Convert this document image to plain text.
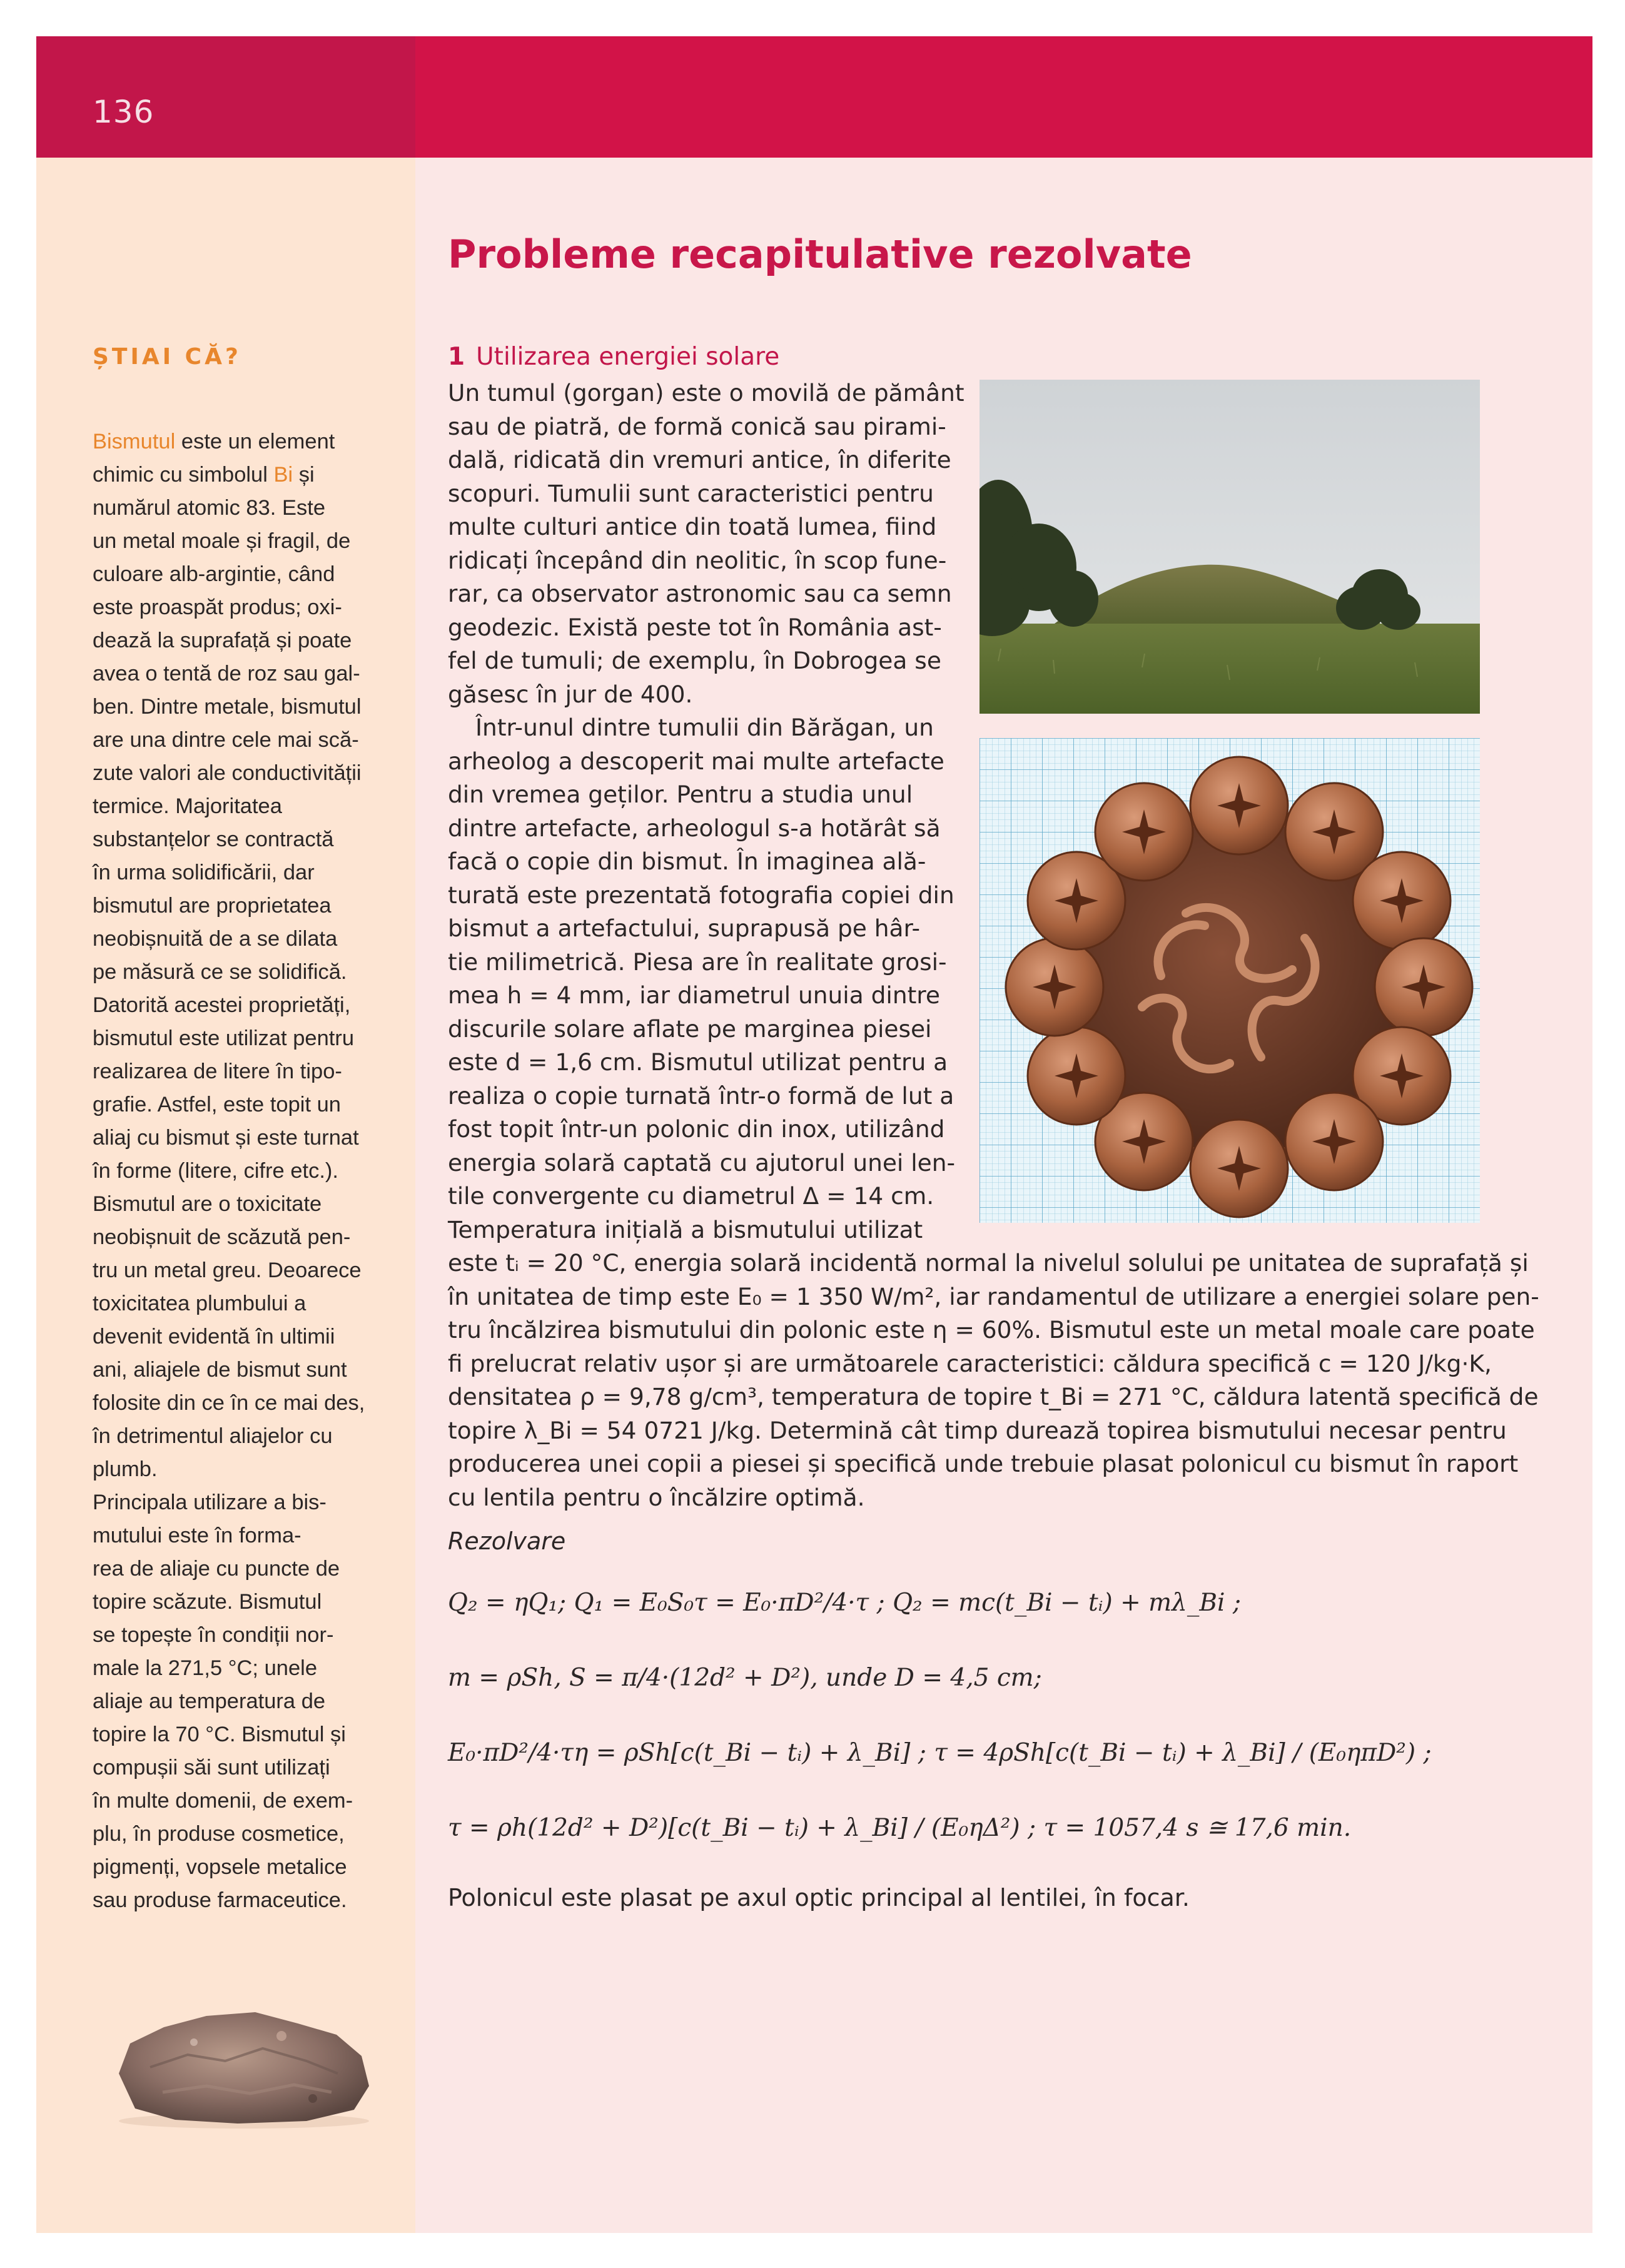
136
ȘTIAI CĂ?
Bismutul este un element
chimic cu simbolul Bi și
numărul atomic 83. Este
un metal moale și fragil, de
culoare alb-argintie, când
este proaspăt produs; oxi-
dează la suprafață și poate
avea o tentă de roz sau gal-
ben. Dintre metale, bismutul
are una dintre cele mai scă-
zute valori ale conductivității
termice. Majoritatea
substanțelor se contractă
în urma solidificării, dar
bismutul are proprietatea
neobișnuită de a se dilata
pe măsură ce se solidifică.
Datorită acestei proprietăți,
bismutul este utilizat pentru
realizarea de litere în tipo-
grafie. Astfel, este topit un
aliaj cu bismut și este turnat
în forme (litere, cifre etc.).
Bismutul are o toxicitate
neobișnuit de scăzută pen-
tru un metal greu. Deoarece
toxicitatea plumbului a
devenit evidentă în ultimii
ani, aliajele de bismut sunt
folosite din ce în ce mai des,
în detrimentul aliajelor cu
plumb.
Principala utilizare a bis-
mutului este în forma-
rea de aliaje cu puncte de
topire scăzute. Bismutul
se topește în condiții nor-
male la 271,5 °C; unele
aliaje au temperatura de
topire la 70 °C. Bismutul și
compușii săi sunt utilizați
în multe domenii, de exem-
plu, în produse cosmetice,
pigmenți, vopsele metalice
sau produse farmaceutice.
Probleme recapitulative rezolvate
1 Utilizarea energiei solare
Un tumul (gorgan) este o movilă de pământ
sau de piatră, de formă conică sau pirami-
dală, ridicată din vremuri antice, în diferite
scopuri. Tumulii sunt caracteristici pentru
multe culturi antice din toată lumea, fiind
ridicați începând din neolitic, în scop fune-
rar, ca observator astronomic sau ca semn
geodezic. Există peste tot în România ast-
fel de tumuli; de exemplu, în Dobrogea se
găsesc în jur de 400.
Într-unul dintre tumulii din Bărăgan, un
arheolog a descoperit mai multe artefacte
din vremea geților. Pentru a studia unul
dintre artefacte, arheologul s-a hotărât să
facă o copie din bismut. În imaginea ală-
turată este prezentată fotografia copiei din
bismut a artefactului, suprapusă pe hâr-
tie milimetrică. Piesa are în realitate grosi-
mea h = 4 mm, iar diametrul unuia dintre
discurile solare aflate pe marginea piesei
este d = 1,6 cm. Bismutul utilizat pentru a
realiza o copie turnată într-o formă de lut a
fost topit într-un polonic din inox, utilizând
energia solară captată cu ajutorul unei len-
tile convergente cu diametrul Δ = 14 cm.
Temperatura inițială a bismutului utilizat
este tᵢ = 20 °C, energia solară incidentă normal la nivelul solului pe unitatea de suprafață și
în unitatea de timp este E₀ = 1 350 W/m², iar randamentul de utilizare a energiei solare pen-
tru încălzirea bismutului din polonic este η = 60%. Bismutul este un metal moale care poate
fi prelucrat relativ ușor și are următoarele caracteristici: căldura specifică c = 120 J/kg·K,
densitatea ρ = 9,78 g/cm³, temperatura de topire t_Bi = 271 °C, căldura latentă specifică de
topire λ_Bi = 54 0721 J/kg. Determină cât timp durează topirea bismutului necesar pentru
producerea unei copii a piesei și specifică unde trebuie plasat polonicul cu bismut în raport
cu lentila pentru o încălzire optimă.
Rezolvare
Q₂ = ηQ₁; Q₁ = E₀S₀τ = E₀·πD²/4·τ ; Q₂ = mc(t_Bi − tᵢ) + mλ_Bi ;
m = ρSh, S = π/4·(12d² + D²), unde D = 4,5 cm;
E₀·πD²/4·τη = ρSh[c(t_Bi − tᵢ) + λ_Bi] ; τ = 4ρSh[c(t_Bi − tᵢ) + λ_Bi] / (E₀ηπD²) ;
τ = ρh(12d² + D²)[c(t_Bi − tᵢ) + λ_Bi] / (E₀ηΔ²) ; τ = 1057,4 s ≅ 17,6 min.
Polonicul este plasat pe axul optic principal al lentilei, în focar.
